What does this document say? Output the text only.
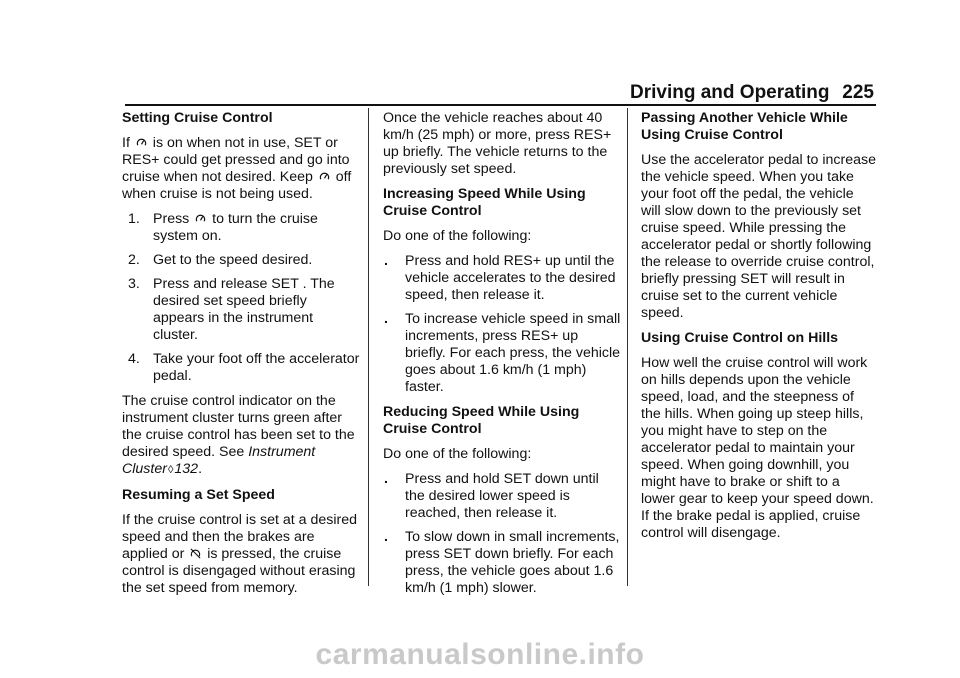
Driving and Operating 225
Setting Cruise Control
If is on when not in use, SET or RES+ could get pressed and go into cruise when not desired. Keep off when cruise is not being used.
1. Press to turn the cruise system on.
2. Get to the speed desired.
3. Press and release SET . The desired set speed briefly appears in the instrument cluster.
4. Take your foot off the accelerator pedal.
The cruise control indicator on the instrument cluster turns green after the cruise control has been set to the desired speed. See Instrument Cluster◊132.
Resuming a Set Speed
If the cruise control is set at a desired speed and then the brakes are applied or is pressed, the cruise control is disengaged without erasing the set speed from memory.
Once the vehicle reaches about 40 km/h (25 mph) or more, press RES+ up briefly. The vehicle returns to the previously set speed.
Increasing Speed While Using Cruise Control
Do one of the following:
. Press and hold RES+ up until the vehicle accelerates to the desired speed, then release it.
. To increase vehicle speed in small increments, press RES+ up briefly. For each press, the vehicle goes about 1.6 km/h (1 mph) faster.
Reducing Speed While Using Cruise Control
Do one of the following:
. Press and hold SET down until the desired lower speed is reached, then release it.
. To slow down in small increments, press SET down briefly. For each press, the vehicle goes about 1.6 km/h (1 mph) slower.
Passing Another Vehicle While Using Cruise Control
Use the accelerator pedal to increase the vehicle speed. When you take your foot off the pedal, the vehicle will slow down to the previously set cruise speed. While pressing the accelerator pedal or shortly following the release to override cruise control, briefly pressing SET will result in cruise set to the current vehicle speed.
Using Cruise Control on Hills
How well the cruise control will work on hills depends upon the vehicle speed, load, and the steepness of the hills. When going up steep hills, you might have to step on the accelerator pedal to maintain your speed. When going downhill, you might have to brake or shift to a lower gear to keep your speed down. If the brake pedal is applied, cruise control will disengage.
carmanualsonline.info
